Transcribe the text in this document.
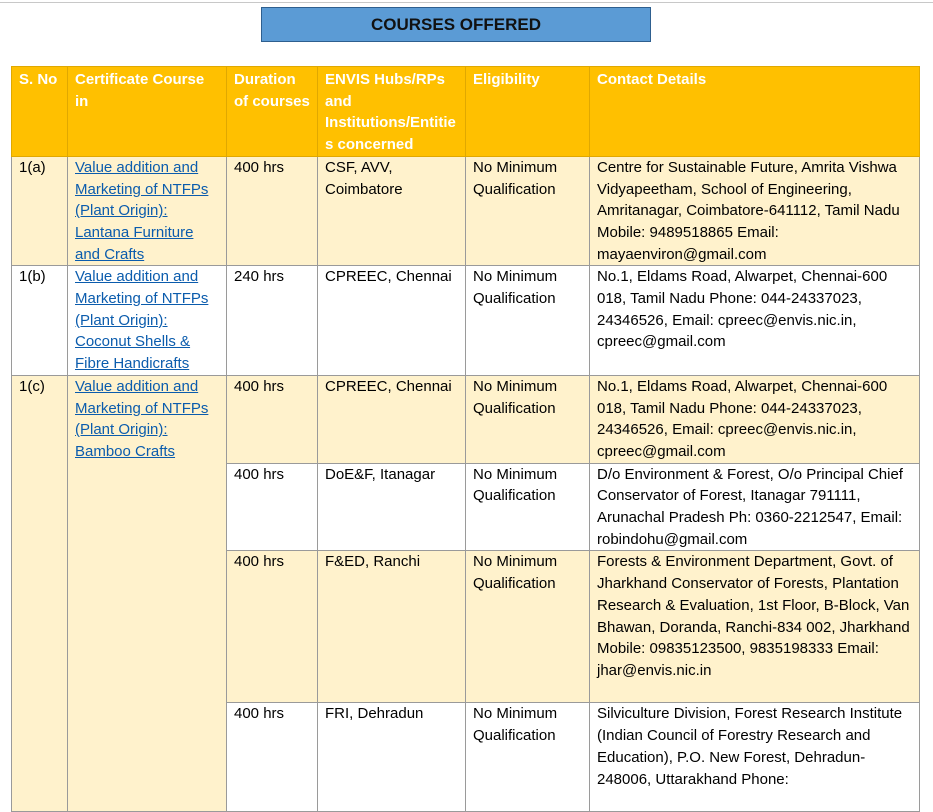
COURSES OFFERED
S. No	Certificate Course in	Duration of courses	ENVIS Hubs/RPs and Institutions/Entities concerned	Eligibility	Contact Details
1(a)	Value addition and Marketing of NTFPs (Plant Origin): Lantana Furniture and Crafts	400 hrs	CSF, AVV, Coimbatore	No Minimum Qualification	Centre for Sustainable Future, Amrita Vishwa Vidyapeetham, School of Engineering, Amritanagar, Coimbatore-641112, Tamil Nadu Mobile: 9489518865 Email: mayaenviron@gmail.com
1(b)	Value addition and Marketing of NTFPs (Plant Origin): Coconut Shells & Fibre Handicrafts	240 hrs	CPREEC, Chennai	No Minimum Qualification	No.1, Eldams Road, Alwarpet, Chennai-600 018, Tamil Nadu Phone: 044-24337023, 24346526, Email: cpreec@envis.nic.in, cpreec@gmail.com
1(c)	Value addition and Marketing of NTFPs (Plant Origin): Bamboo Crafts	400 hrs	CPREEC, Chennai	No Minimum Qualification	No.1, Eldams Road, Alwarpet, Chennai-600 018, Tamil Nadu Phone: 044-24337023, 24346526, Email: cpreec@envis.nic.in, cpreec@gmail.com
		400 hrs	DoE&F, Itanagar	No Minimum Qualification	D/o Environment & Forest, O/o Principal Chief Conservator of Forest, Itanagar 791111, Arunachal Pradesh Ph: 0360-2212547, Email: robindohu@gmail.com
		400 hrs	F&ED, Ranchi	No Minimum Qualification	Forests & Environment Department, Govt. of Jharkhand Conservator of Forests, Plantation Research & Evaluation, 1st Floor, B-Block, Van Bhawan, Doranda, Ranchi-834 002, Jharkhand Mobile: 09835123500, 9835198333 Email: jhar@envis.nic.in
		400 hrs	FRI, Dehradun	No Minimum Qualification	Silviculture Division, Forest Research Institute (Indian Council of Forestry Research and Education), P.O. New Forest, Dehradun-248006, Uttarakhand Phone:
